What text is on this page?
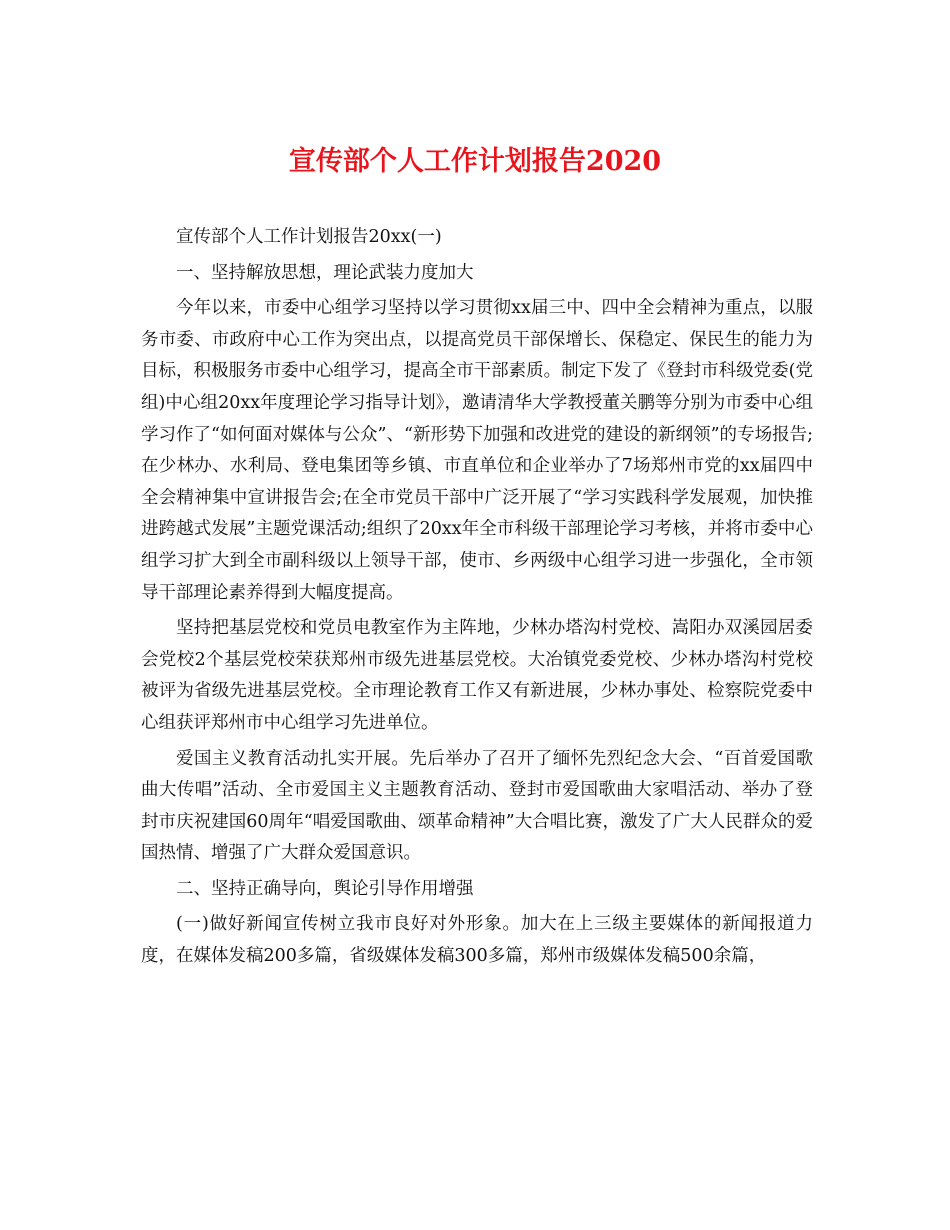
宣传部个人工作计划报告2020

宣传部个人工作计划报告20xx(一)

一、坚持解放思想，理论武装力度加大

今年以来，市委中心组学习坚持以学习贯彻xx届三中、四中全会精神为重点，以服务市委、市政府中心工作为突出点，以提高党员干部保增长、保稳定、保民生的能力为目标，积极服务市委中心组学习，提高全市干部素质。制定下发了《登封市科级党委(党组)中心组20xx年度理论学习指导计划》，邀请清华大学教授董关鹏等分别为市委中心组学习作了“如何面对媒体与公众”、“新形势下加强和改进党的建设的新纲领”的专场报告;在少林办、水利局、登电集团等乡镇、市直单位和企业举办了7场郑州市党的xx届四中全会精神集中宣讲报告会;在全市党员干部中广泛开展了“学习实践科学发展观，加快推进跨越式发展”主题党课活动;组织了20xx年全市科级干部理论学习考核，并将市委中心组学习扩大到全市副科级以上领导干部，使市、乡两级中心组学习进一步强化，全市领导干部理论素养得到大幅度提高。

坚持把基层党校和党员电教室作为主阵地，少林办塔沟村党校、嵩阳办双溪园居委会党校2个基层党校荣获郑州市级先进基层党校。大冶镇党委党校、少林办塔沟村党校被评为省级先进基层党校。全市理论教育工作又有新进展，少林办事处、检察院党委中心组获评郑州市中心组学习先进单位。

爱国主义教育活动扎实开展。先后举办了召开了缅怀先烈纪念大会、“百首爱国歌曲大传唱”活动、全市爱国主义主题教育活动、登封市爱国歌曲大家唱活动、举办了登封市庆祝建国60周年“唱爱国歌曲、颂革命精神”大合唱比赛，激发了广大人民群众的爱国热情、增强了广大群众爱国意识。

二、坚持正确导向，舆论引导作用增强

(一)做好新闻宣传树立我市良好对外形象。加大在上三级主要媒体的新闻报道力度，在媒体发稿200多篇，省级媒体发稿300多篇，郑州市级媒体发稿500余篇，
